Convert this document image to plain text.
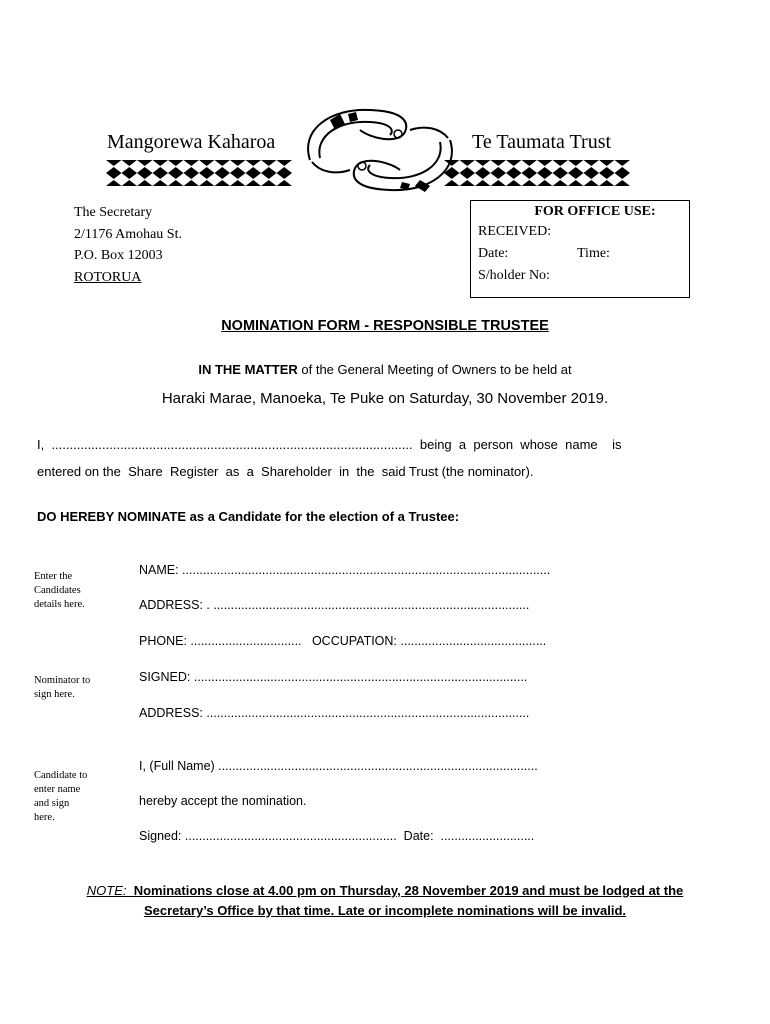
Mangorewa Kaharoa	Te Taumata Trust
The Secretary
2/1176 Amohau St.
P.O. Box 12003
ROTORUA
FOR OFFICE USE:
RECEIVED:
Date:	Time:
S/holder No:
NOMINATION FORM - RESPONSIBLE TRUSTEE
IN THE MATTER of the General Meeting of Owners to be held at
Haraki Marae, Manoeka, Te Puke on Saturday, 30 November 2019.
I,  ....................................................................................................  being  a  person  whose  name    is
entered on the  Share  Register  as  a  Shareholder  in  the  said Trust (the nominator).
DO HEREBY NOMINATE as a Candidate for the election of a Trustee:
Enter the
Candidates
details here.
NAME: ..........................................................................................................
ADDRESS: . ...........................................................................................
PHONE: ................................   OCCUPATION: ..........................................
Nominator to
sign here.
SIGNED: ................................................................................................
ADDRESS: .............................................................................................
Candidate to
enter name
and sign
here.
I, (Full Name) ............................................................................................
hereby accept the nomination.
Signed: .............................................................  Date:  ...........................
NOTE:  Nominations close at 4.00 pm on Thursday, 28 November 2019 and must be lodged at the
Secretary’s Office by that time. Late or incomplete nominations will be invalid.
